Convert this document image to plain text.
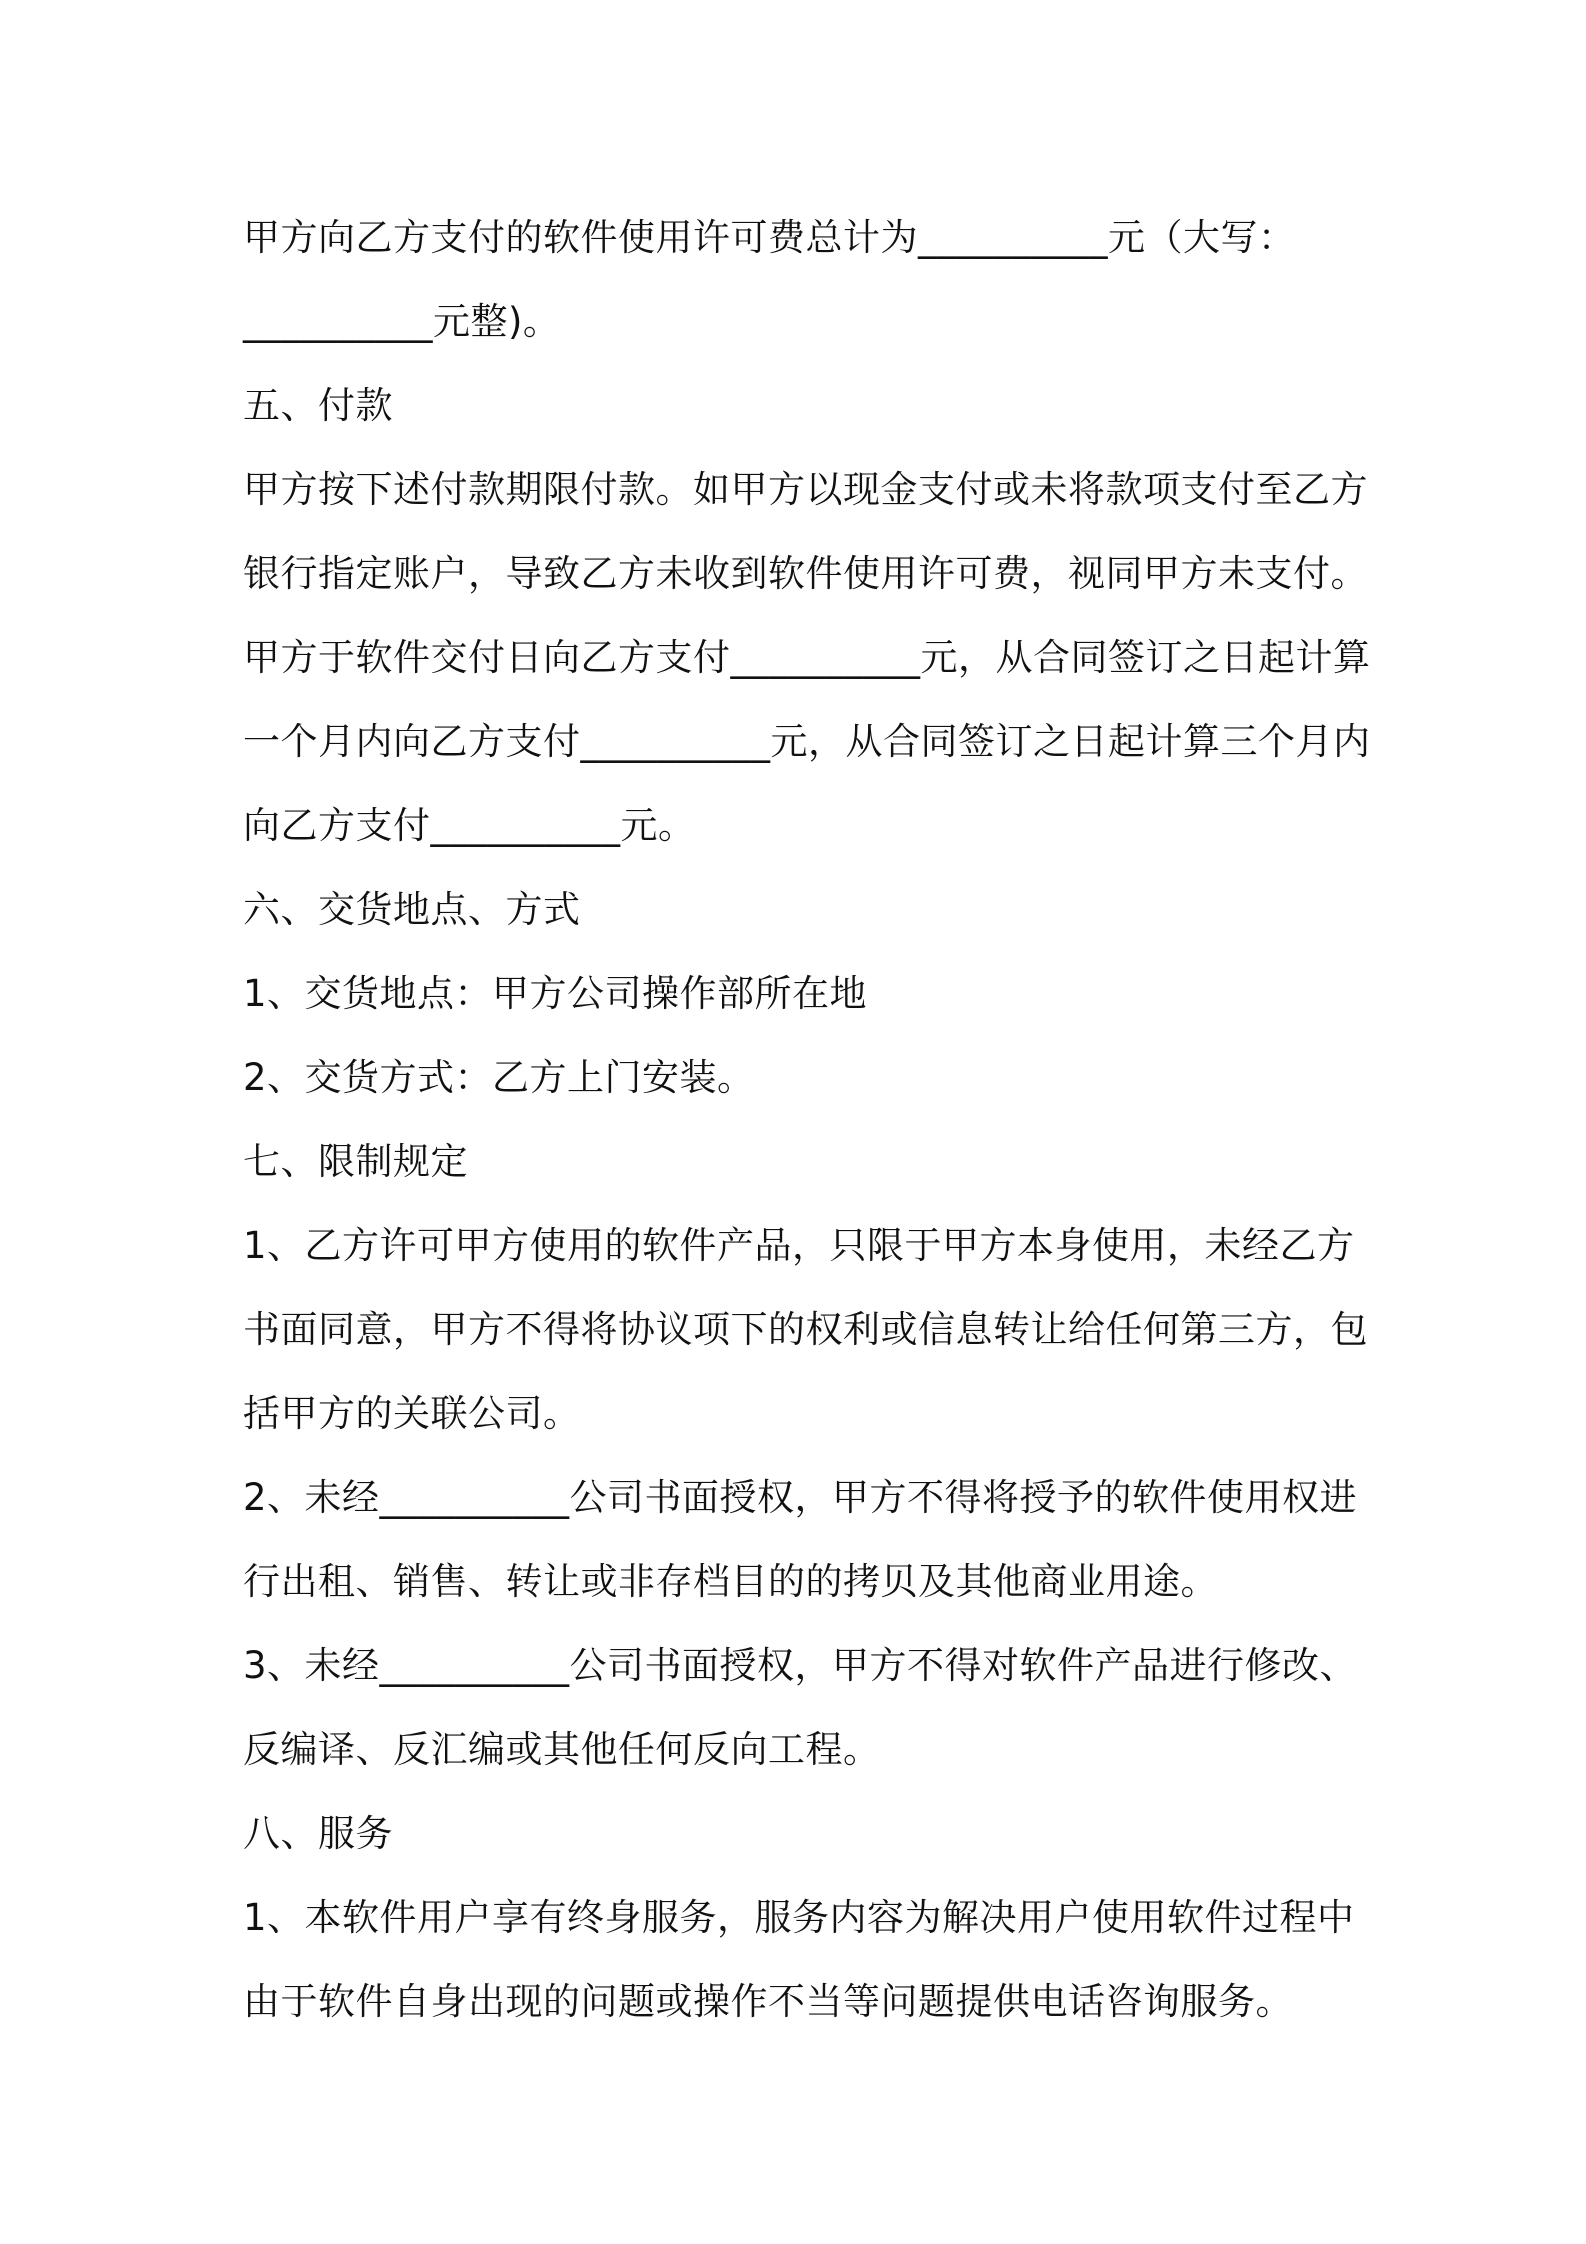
甲方向乙方支付的软件使用许可费总计为__________元（大写：
__________元整)。
五、付款
甲方按下述付款期限付款。如甲方以现金支付或未将款项支付至乙方
银行指定账户，导致乙方未收到软件使用许可费，视同甲方未支付。
甲方于软件交付日向乙方支付__________元，从合同签订之日起计算
一个月内向乙方支付__________元，从合同签订之日起计算三个月内
向乙方支付__________元。
六、交货地点、方式
1、交货地点：甲方公司操作部所在地
2、交货方式：乙方上门安装。
七、限制规定
1、乙方许可甲方使用的软件产品，只限于甲方本身使用，未经乙方
书面同意，甲方不得将协议项下的权利或信息转让给任何第三方，包
括甲方的关联公司。
2、未经__________公司书面授权，甲方不得将授予的软件使用权进
行出租、销售、转让或非存档目的的拷贝及其他商业用途。
3、未经__________公司书面授权，甲方不得对软件产品进行修改、
反编译、反汇编或其他任何反向工程。
八、服务
1、本软件用户享有终身服务，服务内容为解决用户使用软件过程中
由于软件自身出现的问题或操作不当等问题提供电话咨询服务。
